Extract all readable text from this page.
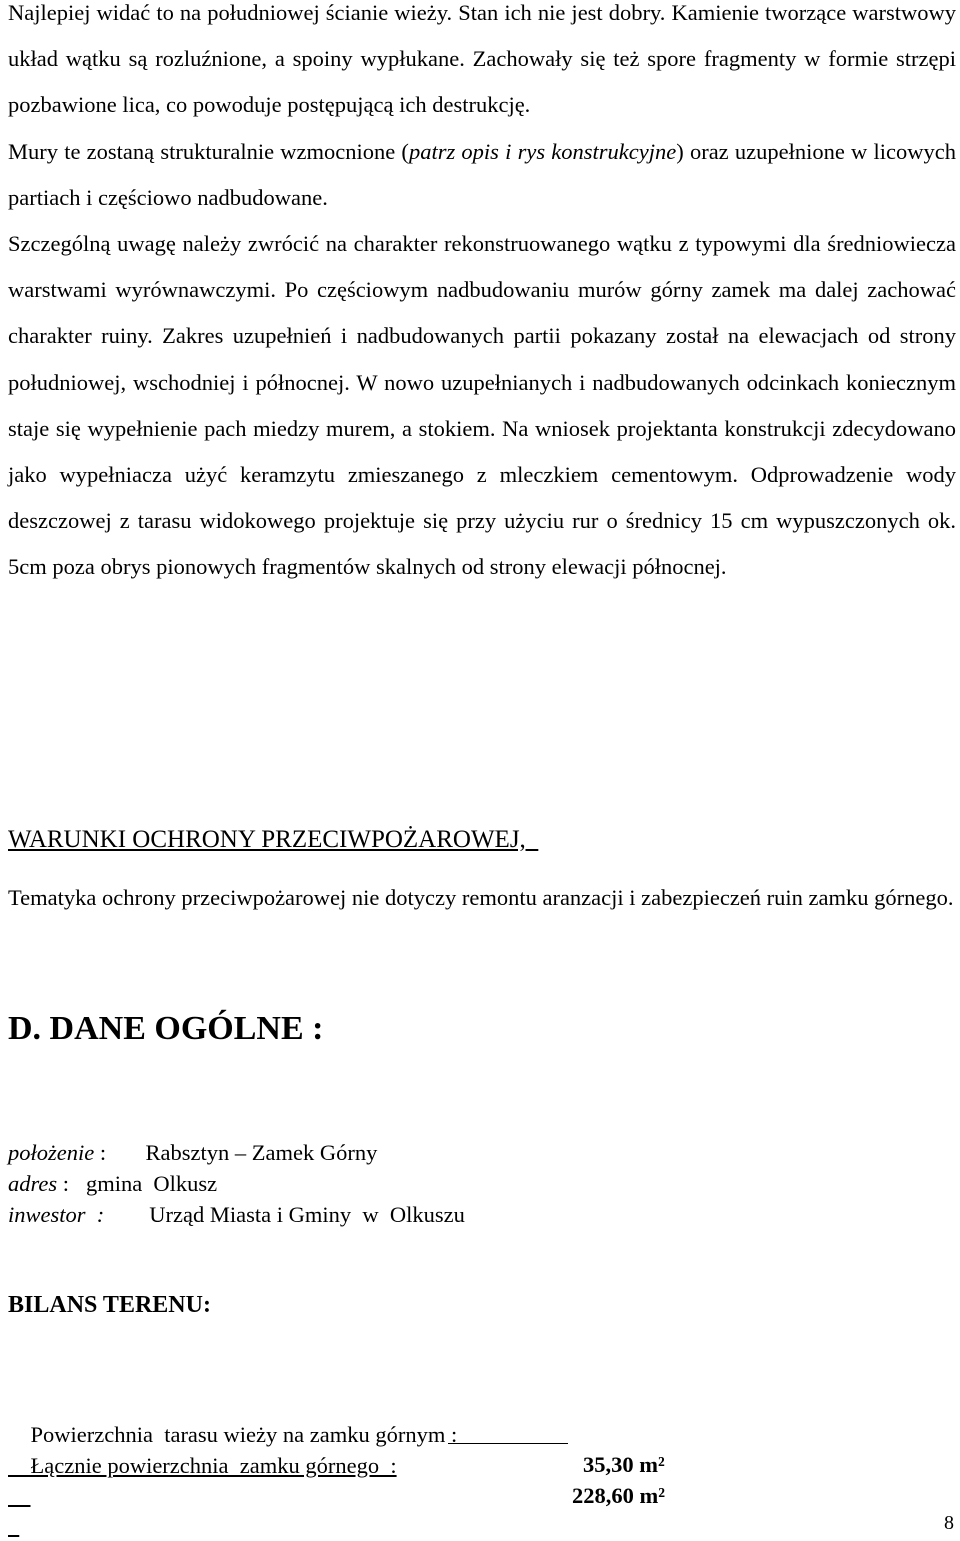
Najlepiej widać to na południowej ścianie wieży. Stan ich nie jest dobry. Kamienie tworzące warstwowy układ wątku są rozluźnione, a spoiny wypłukane. Zachowały się też spore fragmenty w formie strzępi pozbawione lica, co powoduje postępującą ich destrukcję.

Mury te zostaną strukturalnie wzmocnione (patrz opis i rys konstrukcyjne) oraz uzupełnione w licowych partiach i częściowo nadbudowane.

Szczególną uwagę należy zwrócić na charakter rekonstruowanego wątku z typowymi dla średniowiecza warstwami wyrównawczymi. Po częściowym nadbudowaniu murów górny zamek ma dalej zachować charakter ruiny. Zakres uzupełnień i nadbudowanych partii pokazany został na elewacjach od strony południowej, wschodniej i północnej. W nowo uzupełnianych i nadbudowanych odcinkach koniecznym staje się wypełnienie pach miedzy murem, a stokiem. Na wniosek projektanta konstrukcji zdecydowano jako wypełniacza użyć keramzytu zmieszanego z mleczkiem cementowym. Odprowadzenie wody deszczowej z tarasu widokowego projektuje się przy użyciu rur o średnicy 15 cm wypuszczonych ok. 5cm poza obrys pionowych fragmentów skalnych od strony elewacji północnej.

WARUNKI OCHRONY PRZECIWPOŻAROWEJ,
Tematyka ochrony przeciwpożarowej nie dotyczy remontu aranzacji i zabezpieczeń ruin zamku górnego.
D. DANE OGÓLNE :
położenie :       Rabsztyn – Zamek Górny
adres :   gmina  Olkusz
inwestor  :        Urząd Miasta i Gminy  w  Olkuszu
BILANS TERENU:

Powierzchnia  tarasu wieży na zamku górnym :

35,30 m²

Łącznie powierzchnia  zamku górnego  :

228,60 m²

8
